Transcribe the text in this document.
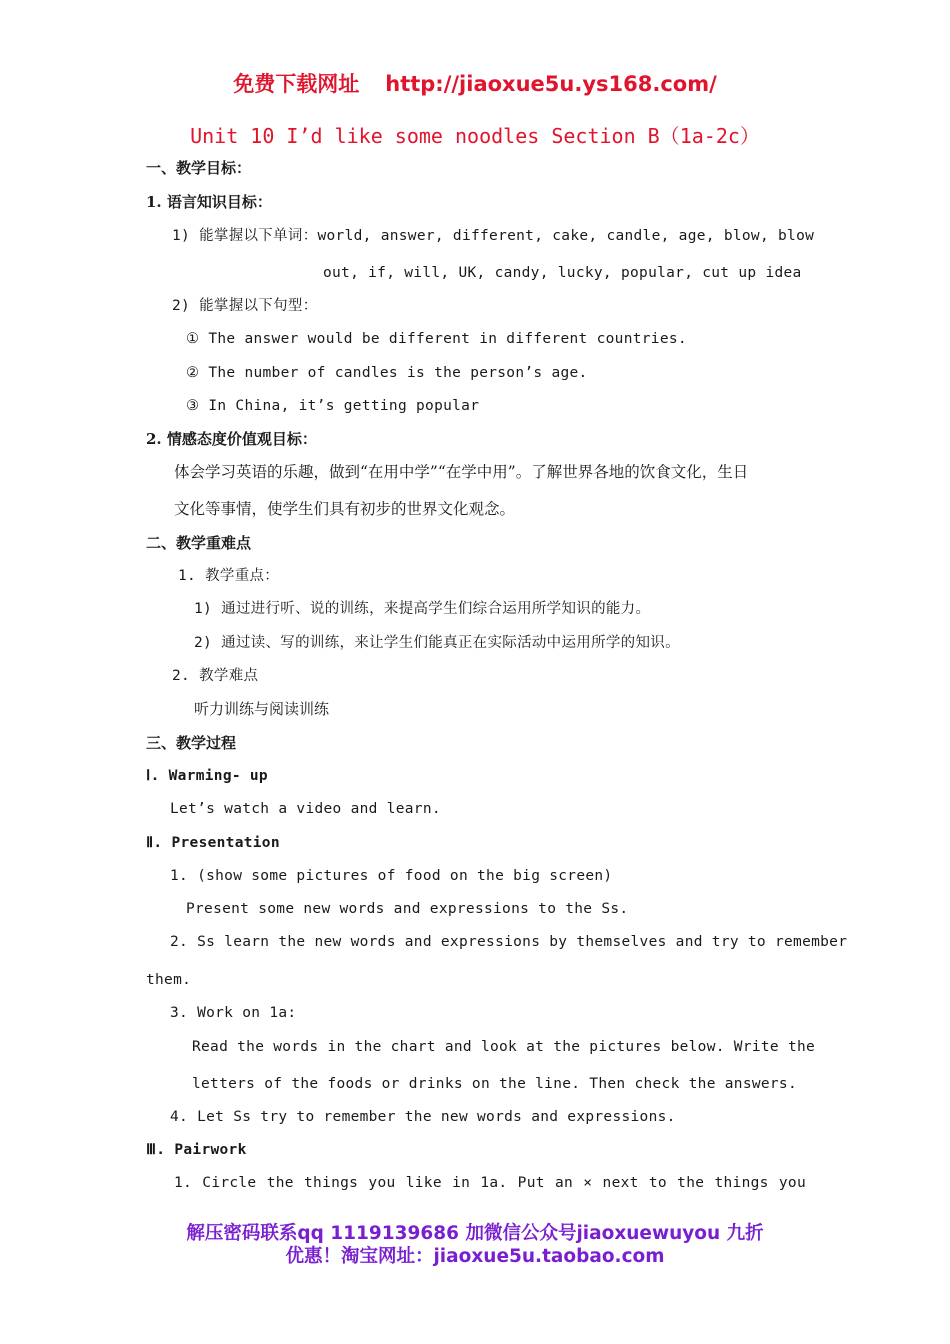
免费下载网址 http://jiaoxue5u.ys168.com/
Unit 10 I’d like some noodles Section B（1a-2c）
一、教学目标：
1. 语言知识目标：
1) 能掌握以下单词：world, answer, different, cake, candle, age, blow, blow
out, if, will, UK, candy, lucky, popular, cut up idea
2) 能掌握以下句型：
① The answer would be different in different countries.
② The number of candles is the person’s age.
③ In China, it’s getting popular
2. 情感态度价值观目标：
体会学习英语的乐趣，做到“在用中学”“在学中用”。了解世界各地的饮食文化，生日
文化等事情，使学生们具有初步的世界文化观念。
二、教学重难点
1. 教学重点：
1) 通过进行听、说的训练，来提高学生们综合运用所学知识的能力。
2) 通过读、写的训练，来让学生们能真正在实际活动中运用所学的知识。
2. 教学难点
听力训练与阅读训练
三、教学过程
Ⅰ. Warming- up
Let’s watch a video and learn.
Ⅱ. Presentation
1. (show some pictures of food on the big screen)
Present some new words and expressions to the Ss.
2. Ss learn the new words and expressions by themselves and try to remember
them.
3. Work on 1a:
Read the words in the chart and look at the pictures below. Write the
letters of the foods or drinks on the line. Then check the answers.
4. Let Ss try to remember the new words and expressions.
Ⅲ. Pairwork
1. Circle the things you like in 1a. Put an × next to the things you
解压密码联系qq 1119139686 加微信公众号jiaoxuewuyou 九折
优惠！淘宝网址：jiaoxue5u.taobao.com
